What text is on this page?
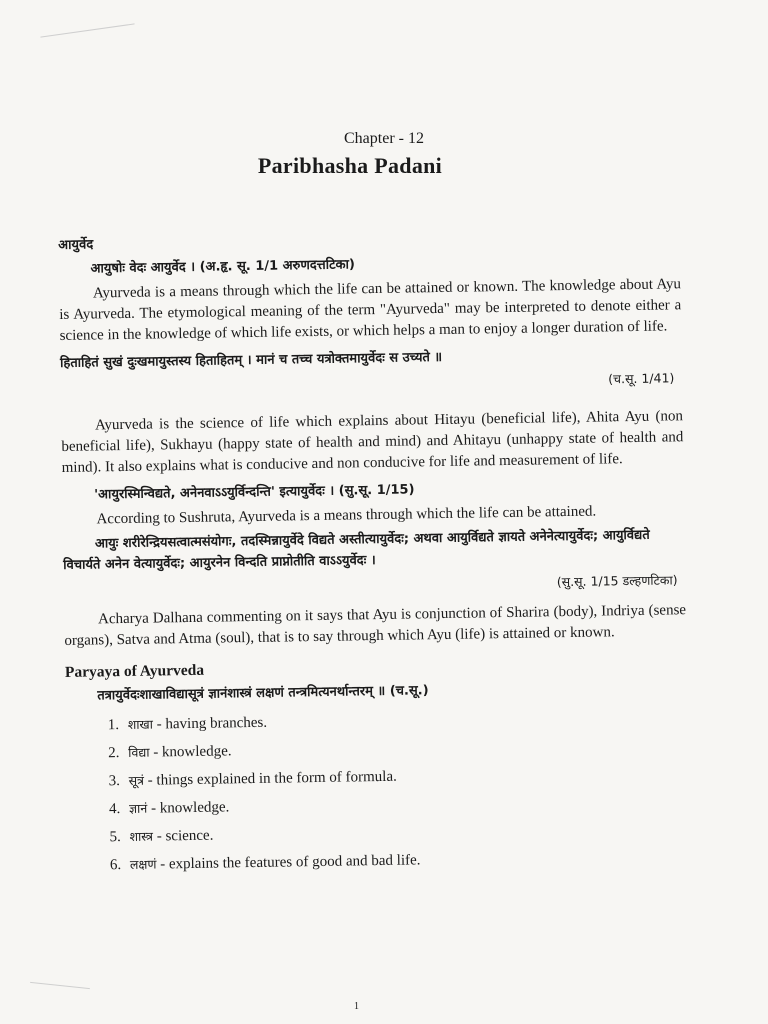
Chapter - 12
Paribhasha Padani
आयुर्वेद
आयुषोः वेदः आयुर्वेद । (अ.हृ. सू. 1/1 अरुणदत्तटिका)

Ayurveda is a means through which the life can be attained or known. The knowledge about Ayu is Ayurveda. The etymological meaning of the term "Ayurveda" may be interpreted to denote either a science in the knowledge of which life exists, or which helps a man to enjoy a longer duration of life.

हिताहितं सुखं दुःखमायुस्तस्य हिताहितम् । मानं च तच्च यत्रोक्तमायुर्वेदः स उच्यते ॥
(च.सू. 1/41)

Ayurveda is the science of life which explains about Hitayu (beneficial life), Ahita Ayu (non beneficial life), Sukhayu (happy state of health and mind) and Ahitayu (unhappy state of health and mind). It also explains what is conducive and non conducive for life and measurement of life.

'आयुरस्मिन्विद्यते, अनेनवाऽऽयुर्विन्दन्ति' इत्यायुर्वेदः । (सु.सू. 1/15)

According to Sushruta, Ayurveda is a means through which the life can be attained.

आयुः शरीरेन्द्रियसत्वात्मसंयोगः, तदस्मिन्नायुर्वेदे विद्यते अस्तीत्यायुर्वेदः; अथवा आयुर्विद्यते ज्ञायते अनेनेत्यायुर्वेदः; आयुर्विद्यते विचार्यते अनेन वेत्यायुर्वेदः; आयुरनेन विन्दति प्राप्नोतीति वाऽऽयुर्वेदः ।
(सु.सू. 1/15 डल्हणटिका)

Acharya Dalhana commenting on it says that Ayu is conjunction of Sharira (body), Indriya (sense organs), Satva and Atma (soul), that is to say through which Ayu (life) is attained or known.

Paryaya of Ayurveda
तत्रायुर्वेदःशाखाविद्यासूत्रं ज्ञानंशास्त्रं लक्षणं तन्त्रमित्यनर्थान्तरम् ॥ (च.सू.)
1. शाखा - having branches.
2. विद्या - knowledge.
3. सूत्रं - things explained in the form of formula.
4. ज्ञानं - knowledge.
5. शास्त्र - science.
6. लक्षणं - explains the features of good and bad life.
1
